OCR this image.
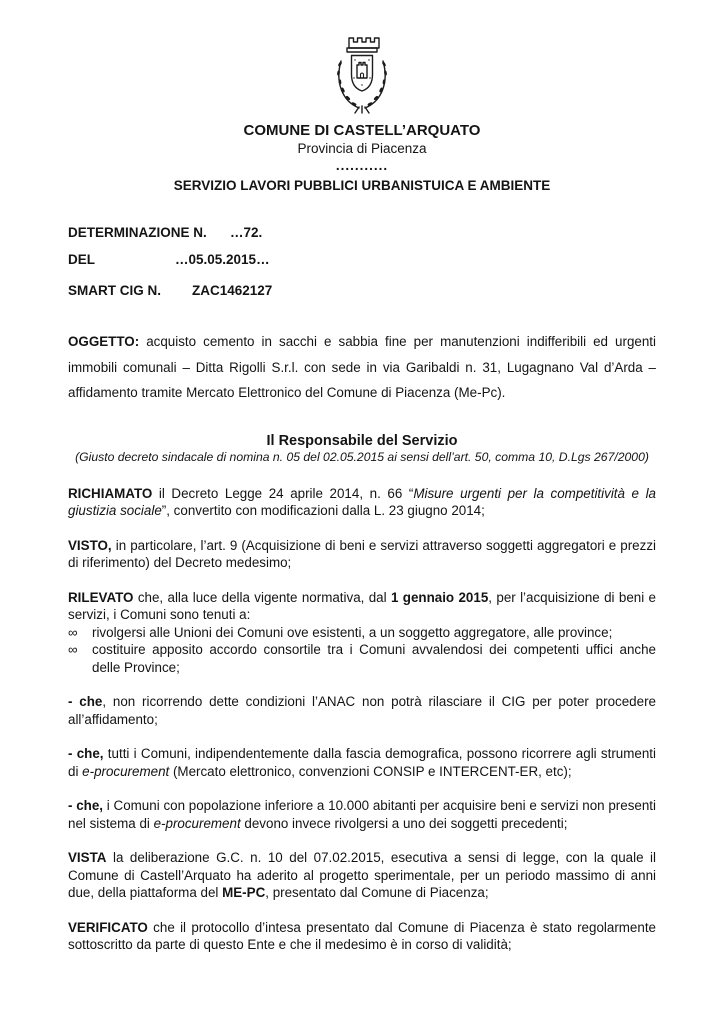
COMUNE DI CASTELL’ARQUATO
Provincia di Piacenza
...........
SERVIZIO LAVORI PUBBLICI URBANISTUICA E AMBIENTE
DETERMINAZIONE N.	…72.
DEL	…05.05.2015…
SMART CIG N.	ZAC1462127

OGGETTO: acquisto cemento in sacchi e sabbia fine per manutenzioni indifferibili ed urgenti immobili comunali – Ditta Rigolli S.r.l. con sede in via Garibaldi n. 31, Lugagnano Val d’Arda – affidamento tramite Mercato Elettronico del Comune di Piacenza (Me-Pc).

Il Responsabile del Servizio
(Giusto decreto sindacale di nomina n. 05 del 02.05.2015 ai sensi dell’art. 50, comma 10, D.Lgs 267/2000)

RICHIAMATO il Decreto Legge 24 aprile 2014, n. 66 “Misure urgenti per la competitività e la giustizia sociale”, convertito con modificazioni dalla L. 23 giugno 2014;

VISTO, in particolare, l’art. 9 (Acquisizione di beni e servizi attraverso soggetti aggregatori e prezzi di riferimento) del Decreto medesimo;

RILEVATO che, alla luce della vigente normativa, dal 1 gennaio 2015, per l’acquisizione di beni e servizi, i Comuni sono tenuti a:

∞	rivolgersi alle Unioni dei Comuni ove esistenti, a un soggetto aggregatore, alle province;
∞	costituire apposito accordo consortile tra i Comuni avvalendosi dei competenti uffici anche delle Province;

- che, non ricorrendo dette condizioni l’ANAC non potrà rilasciare il CIG per poter procedere all’affidamento;

- che, tutti i Comuni, indipendentemente dalla fascia demografica, possono ricorrere agli strumenti di e-procurement (Mercato elettronico, convenzioni CONSIP e INTERCENT-ER, etc);

- che, i Comuni con popolazione inferiore a 10.000 abitanti per acquisire beni e servizi non presenti nel sistema di e-procurement devono invece rivolgersi a uno dei soggetti precedenti;

VISTA la deliberazione G.C. n. 10 del 07.02.2015, esecutiva a sensi di legge, con la quale il Comune di Castell’Arquato ha aderito al progetto sperimentale, per un periodo massimo di anni due, della piattaforma del ME-PC, presentato dal Comune di Piacenza;

VERIFICATO che il protocollo d’intesa presentato dal Comune di Piacenza è stato regolarmente sottoscritto da parte di questo Ente e che il medesimo è in corso di validità;
